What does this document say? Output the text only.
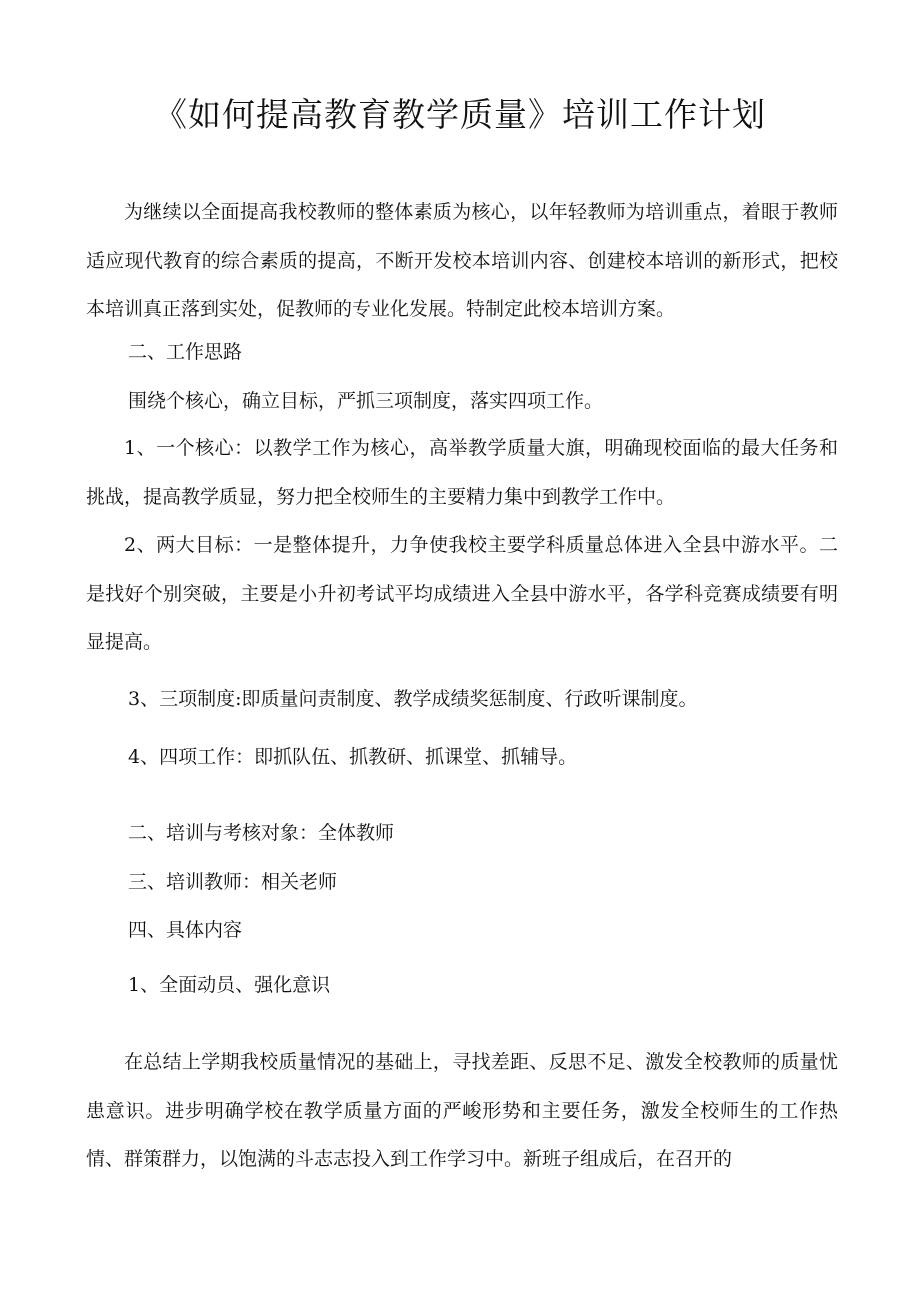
《如何提高教育教学质量》培训工作计划

为继续以全面提高我校教师的整体素质为核心，以年轻教师为培训重点，着眼于教师适应现代教育的综合素质的提高，不断开发校本培训内容、创建校本培训的新形式，把校本培训真正落到实处，促教师的专业化发展。特制定此校本培训方案。

二、工作思路

围绕个核心，确立目标，严抓三项制度，落实四项工作。

1、一个核心：以教学工作为核心，高举教学质量大旗，明确现校面临的最大任务和挑战，提高教学质显，努力把全校师生的主要精力集中到教学工作中。

2、两大目标：一是整体提升，力争使我校主要学科质量总体进入全县中游水平。二是找好个别突破，主要是小升初考试平均成绩进入全县中游水平，各学科竞赛成绩要有明显提高。

3、三项制度:即质量问责制度、教学成绩奖惩制度、行政听课制度。

4、四项工作：即抓队伍、抓教研、抓课堂、抓辅导。

二、培训与考核对象：全体教师

三、培训教师：相关老师

四、具体内容

1、全面动员、强化意识

在总结上学期我校质量情况的基础上，寻找差距、反思不足、激发全校教师的质量忧患意识。进步明确学校在教学质量方面的严峻形势和主要任务，激发全校师生的工作热情、群策群力，以饱满的斗志志投入到工作学习中。新班子组成后，在召开的
